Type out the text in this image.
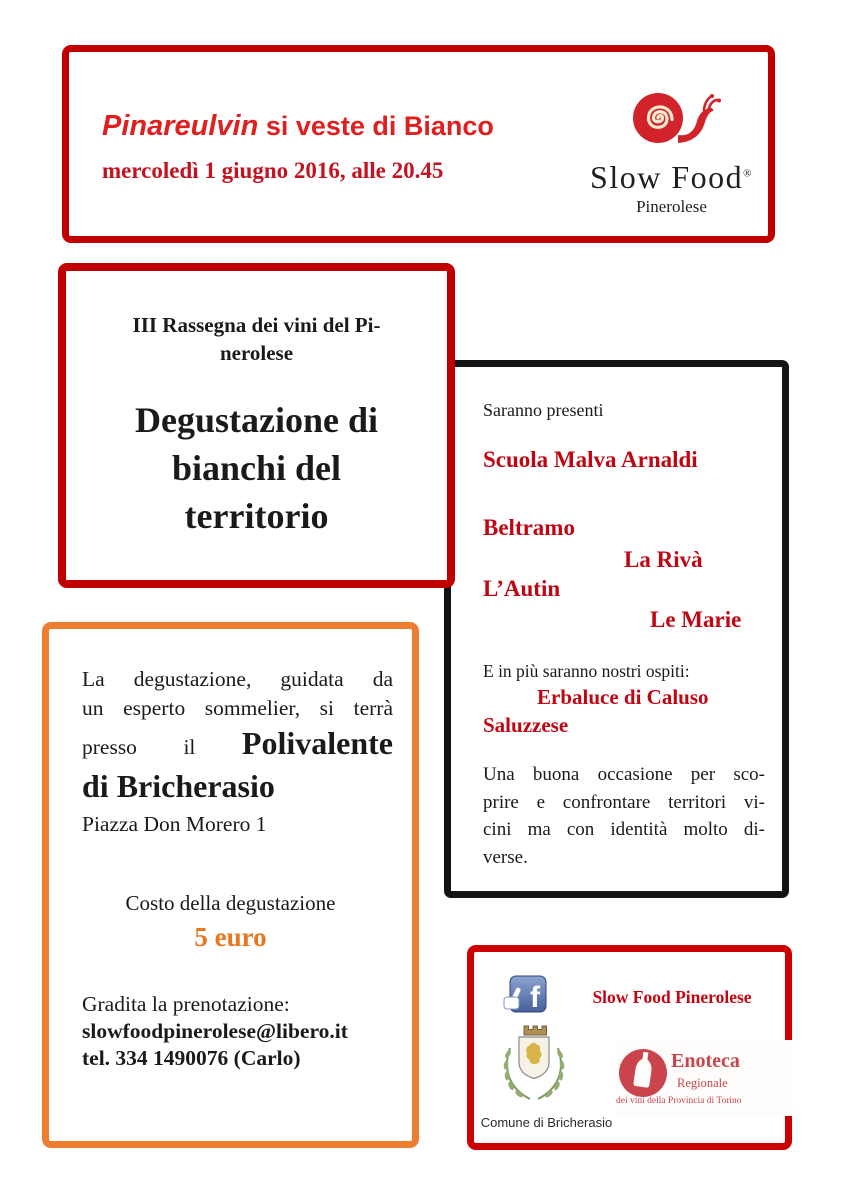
Pinareulvin si veste di Bianco
mercoledì 1 giugno 2016, alle 20.45	Slow Food®
Pinerolese
Saranno presenti
Scuola Malva Arnaldi
Beltramo
La Rivà
L’Autin
Le Marie
E in più saranno nostri ospiti:
Erbaluce di Caluso
Saluzzese
Una buona occasione per sco-
prire e confrontare territori vi-
cini ma con identità molto di-
verse.
III Rassegna dei vini del Pi-
nerolese
Degustazione di
bianchi del
territorio
La degustazione, guidata da
un esperto sommelier, si terrà
presso il Polivalente
di Bricherasio
Piazza Don Morero 1
Costo della degustazione
5 euro
Gradita la prenotazione:
slowfoodpinerolese@libero.it
tel. 334 1490076 (Carlo)
f	Slow Food Pinerolese
Comune di Bricherasio
Enoteca
Regionale
dei vini della Provincia di Torino
